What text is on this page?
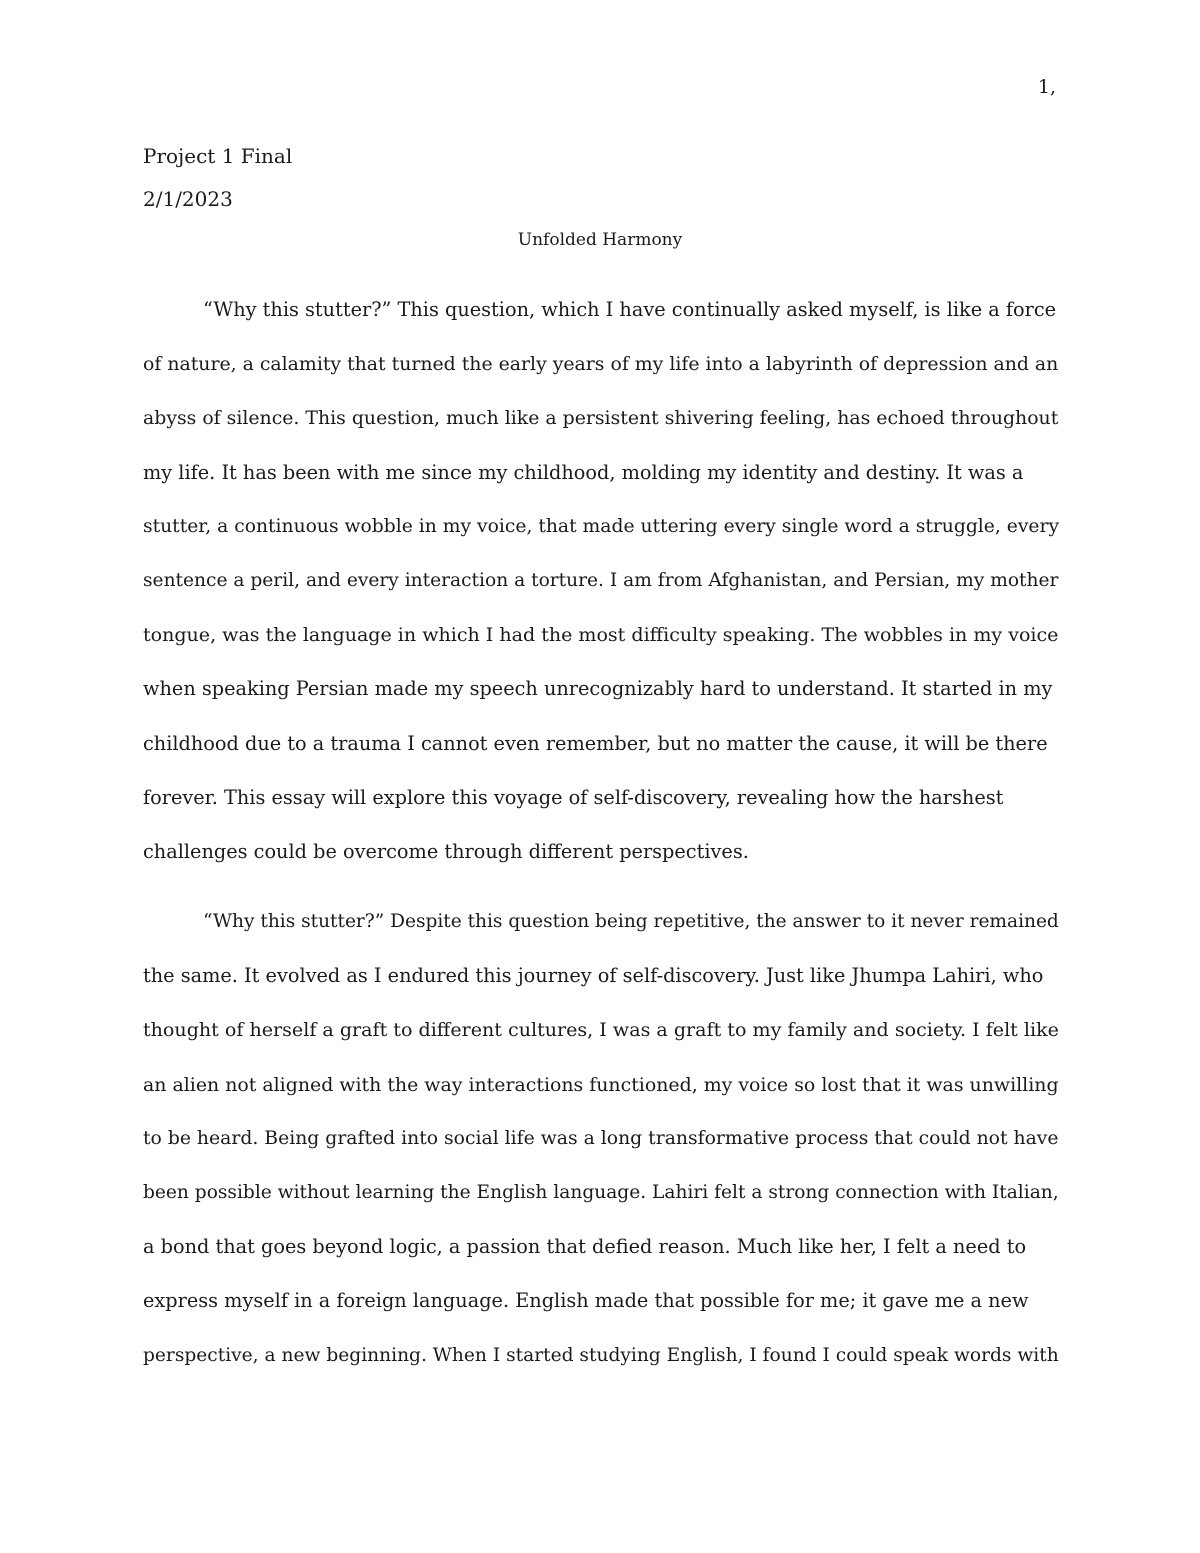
1,
Project 1 Final
2/1/2023
Unfolded Harmony
“Why this stutter?” This question, which I have continually asked myself, is like a force
of nature, a calamity that turned the early years of my life into a labyrinth of depression and an
abyss of silence. This question, much like a persistent shivering feeling, has echoed throughout
my life. It has been with me since my childhood, molding my identity and destiny. It was a
stutter, a continuous wobble in my voice, that made uttering every single word a struggle, every
sentence a peril, and every interaction a torture. I am from Afghanistan, and Persian, my mother
tongue, was the language in which I had the most difficulty speaking. The wobbles in my voice
when speaking Persian made my speech unrecognizably hard to understand. It started in my
childhood due to a trauma I cannot even remember, but no matter the cause, it will be there
forever. This essay will explore this voyage of self-discovery, revealing how the harshest
challenges could be overcome through different perspectives.
“Why this stutter?” Despite this question being repetitive, the answer to it never remained
the same. It evolved as I endured this journey of self-discovery. Just like Jhumpa Lahiri, who
thought of herself a graft to different cultures, I was a graft to my family and society. I felt like
an alien not aligned with the way interactions functioned, my voice so lost that it was unwilling
to be heard. Being grafted into social life was a long transformative process that could not have
been possible without learning the English language. Lahiri felt a strong connection with Italian,
a bond that goes beyond logic, a passion that defied reason. Much like her, I felt a need to
express myself in a foreign language. English made that possible for me; it gave me a new
perspective, a new beginning. When I started studying English, I found I could speak words with
